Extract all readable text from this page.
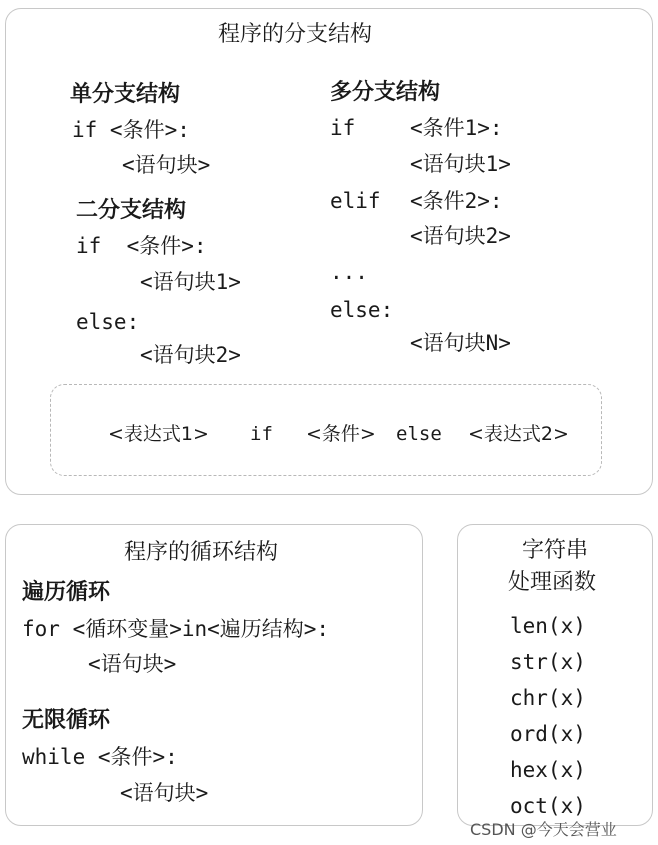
程序的分支结构
单分支结构
if <条件>:
<语句块>
二分支结构
if  <条件>:
<语句块1>
else:
<语句块2>
多分支结构
if	<条件1>:
<语句块1>
elif <条件2>:
<语句块2>
...
else:
<语句块N>
<表达式1> if <条件> else <表达式2>
程序的循环结构
遍历循环
for <循环变量>in<遍历结构>:
<语句块>
无限循环
while <条件>:
<语句块>
字符串
处理函数
len(x)
str(x)
chr(x)
ord(x)
hex(x)
oct(x)
CSDN @今天会营业
